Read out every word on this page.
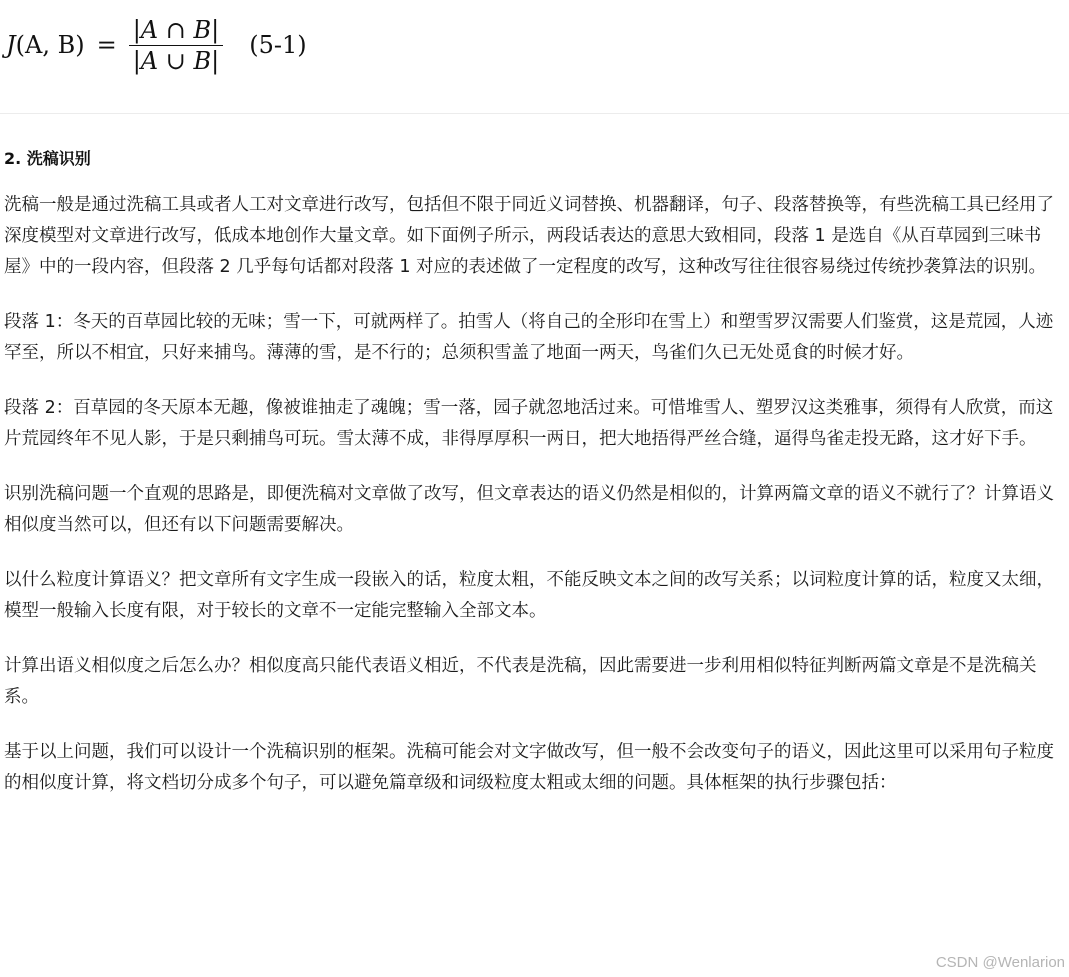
J(A, $B) = \frac{|A \cap B|}{|A \cup B|} (5-1)$
2. 洗稿识别

洗稿一般是通过洗稿工具或者人工对文章进行改写，包括但不限于同近义词替换、机器翻译，句子、段落替换等，有些洗稿工具已经用了深度模型对文章进行改写，低成本地创作大量文章。如下面例子所示，两段话表达的意思大致相同，段落 1 是选自《从百草园到三味书屋》中的一段内容，但段落 2 几乎每句话都对段落 1 对应的表述做了一定程度的改写，这种改写往往很容易绕过传统抄袭算法的识别。

段落 1：冬天的百草园比较的无味；雪一下，可就两样了。拍雪人（将自己的全形印在雪上）和塑雪罗汉需要人们鉴赏，这是荒园，人迹罕至，所以不相宜，只好来捕鸟。薄薄的雪，是不行的；总须积雪盖了地面一两天，鸟雀们久已无处觅食的时候才好。

段落 2：百草园的冬天原本无趣，像被谁抽走了魂魄；雪一落，园子就忽地活过来。可惜堆雪人、塑罗汉这类雅事，须得有人欣赏，而这片荒园终年不见人影，于是只剩捕鸟可玩。雪太薄不成，非得厚厚积一两日，把大地捂得严丝合缝，逼得鸟雀走投无路，这才好下手。

识别洗稿问题一个直观的思路是，即便洗稿对文章做了改写，但文章表达的语义仍然是相似的，计算两篇文章的语义不就行了？计算语义相似度当然可以，但还有以下问题需要解决。

以什么粒度计算语义？把文章所有文字生成一段嵌入的话，粒度太粗，不能反映文本之间的改写关系；以词粒度计算的话，粒度又太细，模型一般输入长度有限，对于较长的文章不一定能完整输入全部文本。

计算出语义相似度之后怎么办？相似度高只能代表语义相近，不代表是洗稿，因此需要进一步利用相似特征判断两篇文章是不是洗稿关系。

基于以上问题，我们可以设计一个洗稿识别的框架。洗稿可能会对文字做改写，但一般不会改变句子的语义，因此这里可以采用句子粒度的相似度计算，将文档切分成多个句子，可以避免篇章级和词级粒度太粗或太细的问题。具体框架的执行步骤包括：

CSDN @Wenlarion
